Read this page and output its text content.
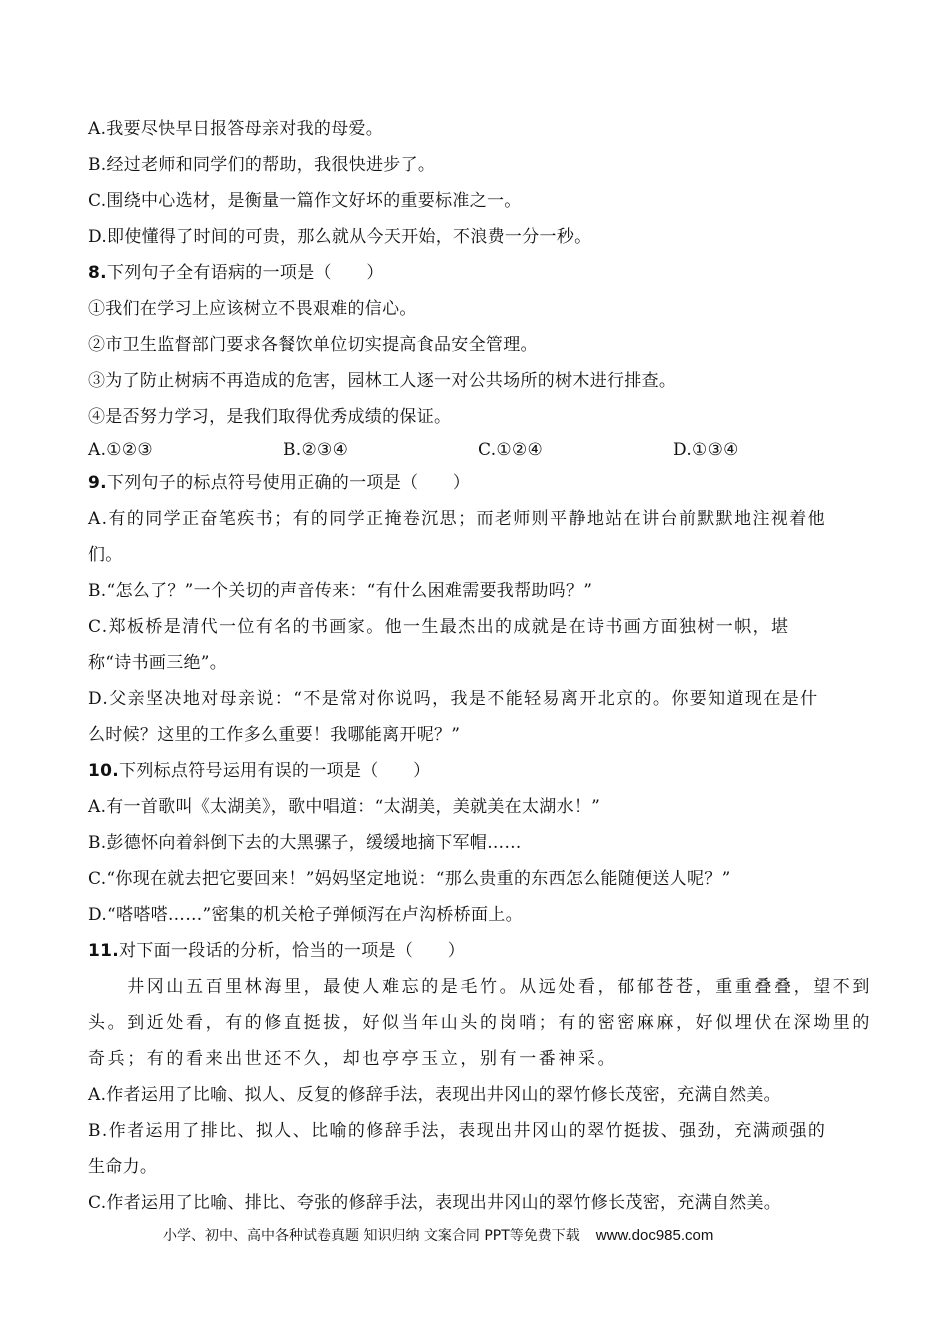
A.我要尽快早日报答母亲对我的母爱。
B.经过老师和同学们的帮助，我很快进步了。
C.围绕中心选材，是衡量一篇作文好坏的重要标准之一。
D.即使懂得了时间的可贵，那么就从今天开始，不浪费一分一秒。
8.下列句子全有语病的一项是（　　）
①我们在学习上应该树立不畏艰难的信心。
②市卫生监督部门要求各餐饮单位切实提高食品安全管理。
③为了防止树病不再造成的危害，园林工人逐一对公共场所的树木进行排查。
④是否努力学习，是我们取得优秀成绩的保证。
A.①②③	B.②③④	C.①②④	D.①③④
9.下列句子的标点符号使用正确的一项是（　　）
A.有的同学正奋笔疾书；有的同学正掩卷沉思；而老师则平静地站在讲台前默默地注视着他
们。
B.“怎么了？”一个关切的声音传来：“有什么困难需要我帮助吗？”
C.郑板桥是清代一位有名的书画家。他一生最杰出的成就是在诗书画方面独树一帜，堪
称“诗书画三绝”。
D.父亲坚决地对母亲说：“不是常对你说吗，我是不能轻易离开北京的。你要知道现在是什
么时候？这里的工作多么重要！我哪能离开呢？”
10.下列标点符号运用有误的一项是（　　）
A.有一首歌叫《太湖美》，歌中唱道：“太湖美，美就美在太湖水！”
B.彭德怀向着斜倒下去的大黑骡子，缓缓地摘下军帽……
C.“你现在就去把它要回来！”妈妈坚定地说：“那么贵重的东西怎么能随便送人呢？”
D.“嗒嗒嗒……”密集的机关枪子弹倾泻在卢沟桥桥面上。
11.对下面一段话的分析，恰当的一项是（　　）
　　井冈山五百里林海里，最使人难忘的是毛竹。从远处看，郁郁苍苍，重重叠叠，望不到
头。到近处看，有的修直挺拔，好似当年山头的岗哨；有的密密麻麻，好似埋伏在深坳里的
奇兵；有的看来出世还不久，却也亭亭玉立，别有一番神采。
A.作者运用了比喻、拟人、反复的修辞手法，表现出井冈山的翠竹修长茂密，充满自然美。
B.作者运用了排比、拟人、比喻的修辞手法，表现出井冈山的翠竹挺拔、强劲，充满顽强的
生命力。
C.作者运用了比喻、排比、夸张的修辞手法，表现出井冈山的翠竹修长茂密，充满自然美。
小学、初中、高中各种试卷真题 知识归纳 文案合同 PPT等免费下载 www.doc985.com
